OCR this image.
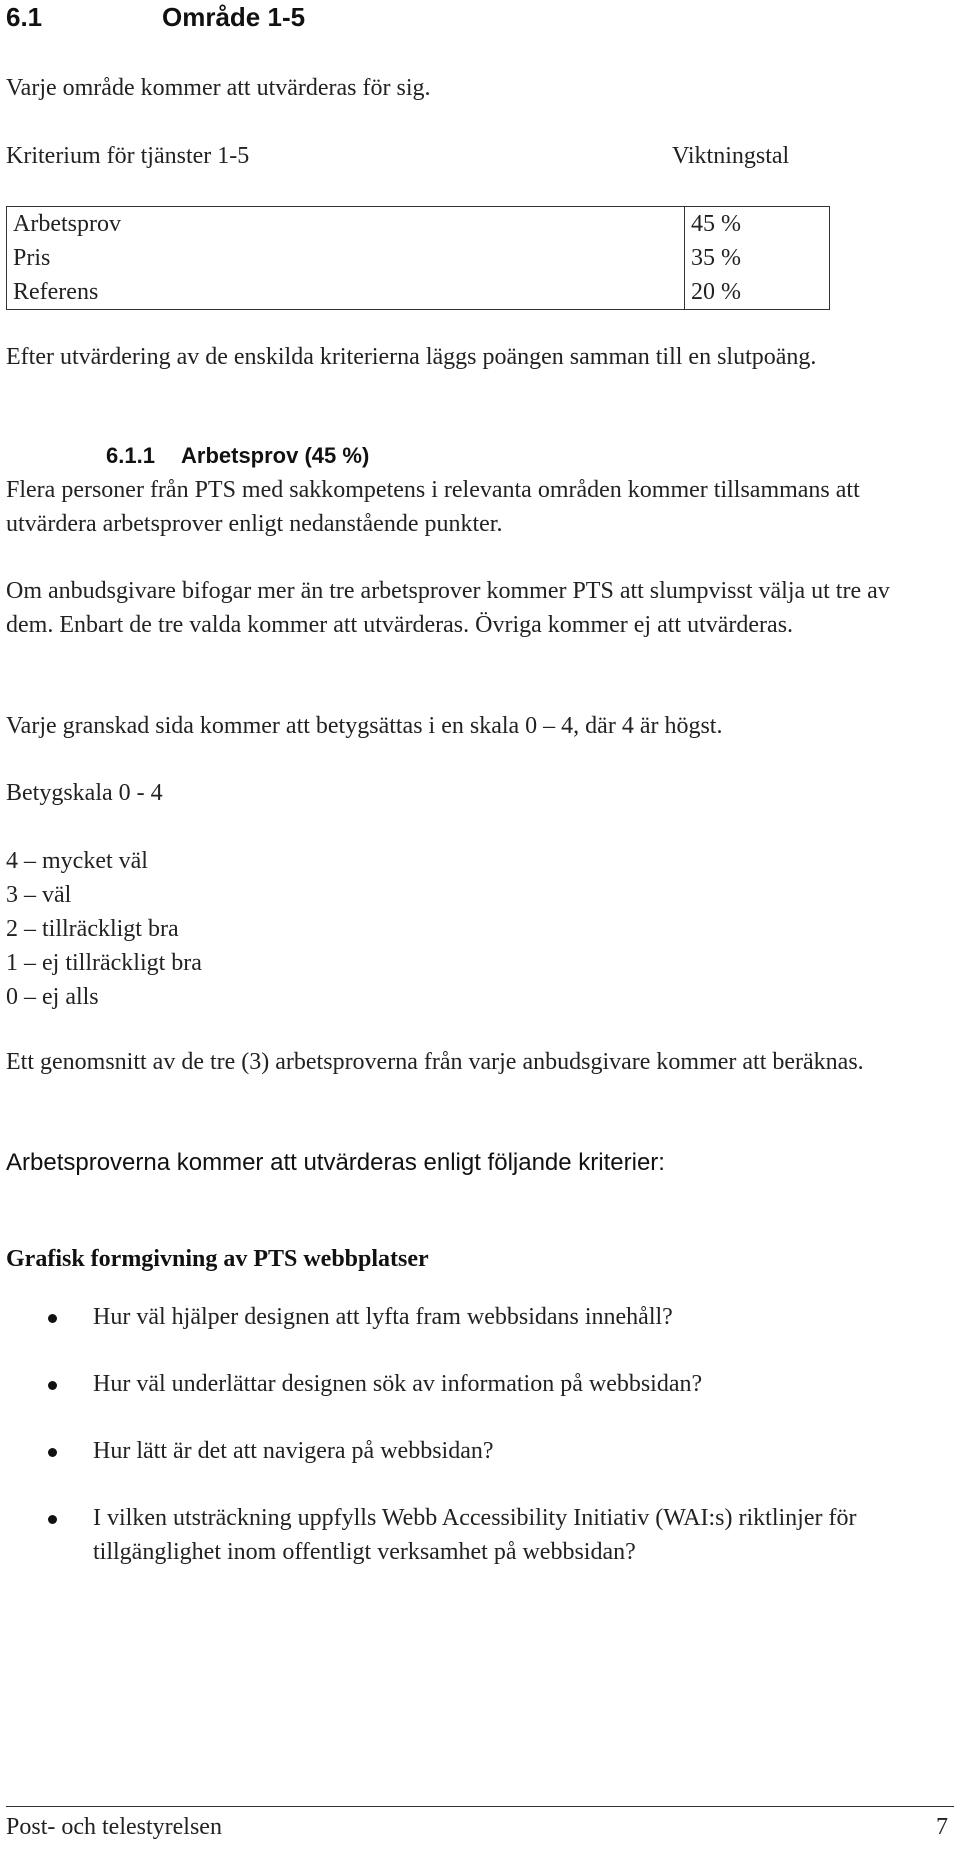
6.1	Område 1-5

Varje område kommer att utvärderas för sig.

Kriterium för tjänster 1-5	Viktningstal

Arbetsprov	45 %
Pris	35 %
Referens	20 %

Efter utvärdering av de enskilda kriterierna läggs poängen samman till en slutpoäng.

6.1.1 Arbetsprov (45 %)

Flera personer från PTS med sakkompetens i relevanta områden kommer tillsammans att utvärdera arbetsprover enligt nedanstående punkter.

Om anbudsgivare bifogar mer än tre arbetsprover kommer PTS att slumpvisst välja ut tre av dem. Enbart de tre valda kommer att utvärderas. Övriga kommer ej att utvärderas.

Varje granskad sida kommer att betygsättas i en skala 0 – 4, där 4 är högst.

Betygskala 0 - 4

4 – mycket väl
3 – väl
2 – tillräckligt bra
1 – ej tillräckligt bra
0 – ej alls

Ett genomsnitt av de tre (3) arbetsproverna från varje anbudsgivare kommer att beräknas.

Arbetsproverna kommer att utvärderas enligt följande kriterier:

Grafisk formgivning av PTS webbplatser

Hur väl hjälper designen att lyfta fram webbsidans innehåll?
Hur väl underlättar designen sök av information på webbsidan?
Hur lätt är det att navigera på webbsidan?
I vilken utsträckning uppfylls Webb Accessibility Initiativ (WAI:s) riktlinjer för tillgänglighet inom offentligt verksamhet på webbsidan?

Post- och telestyrelsen	7
